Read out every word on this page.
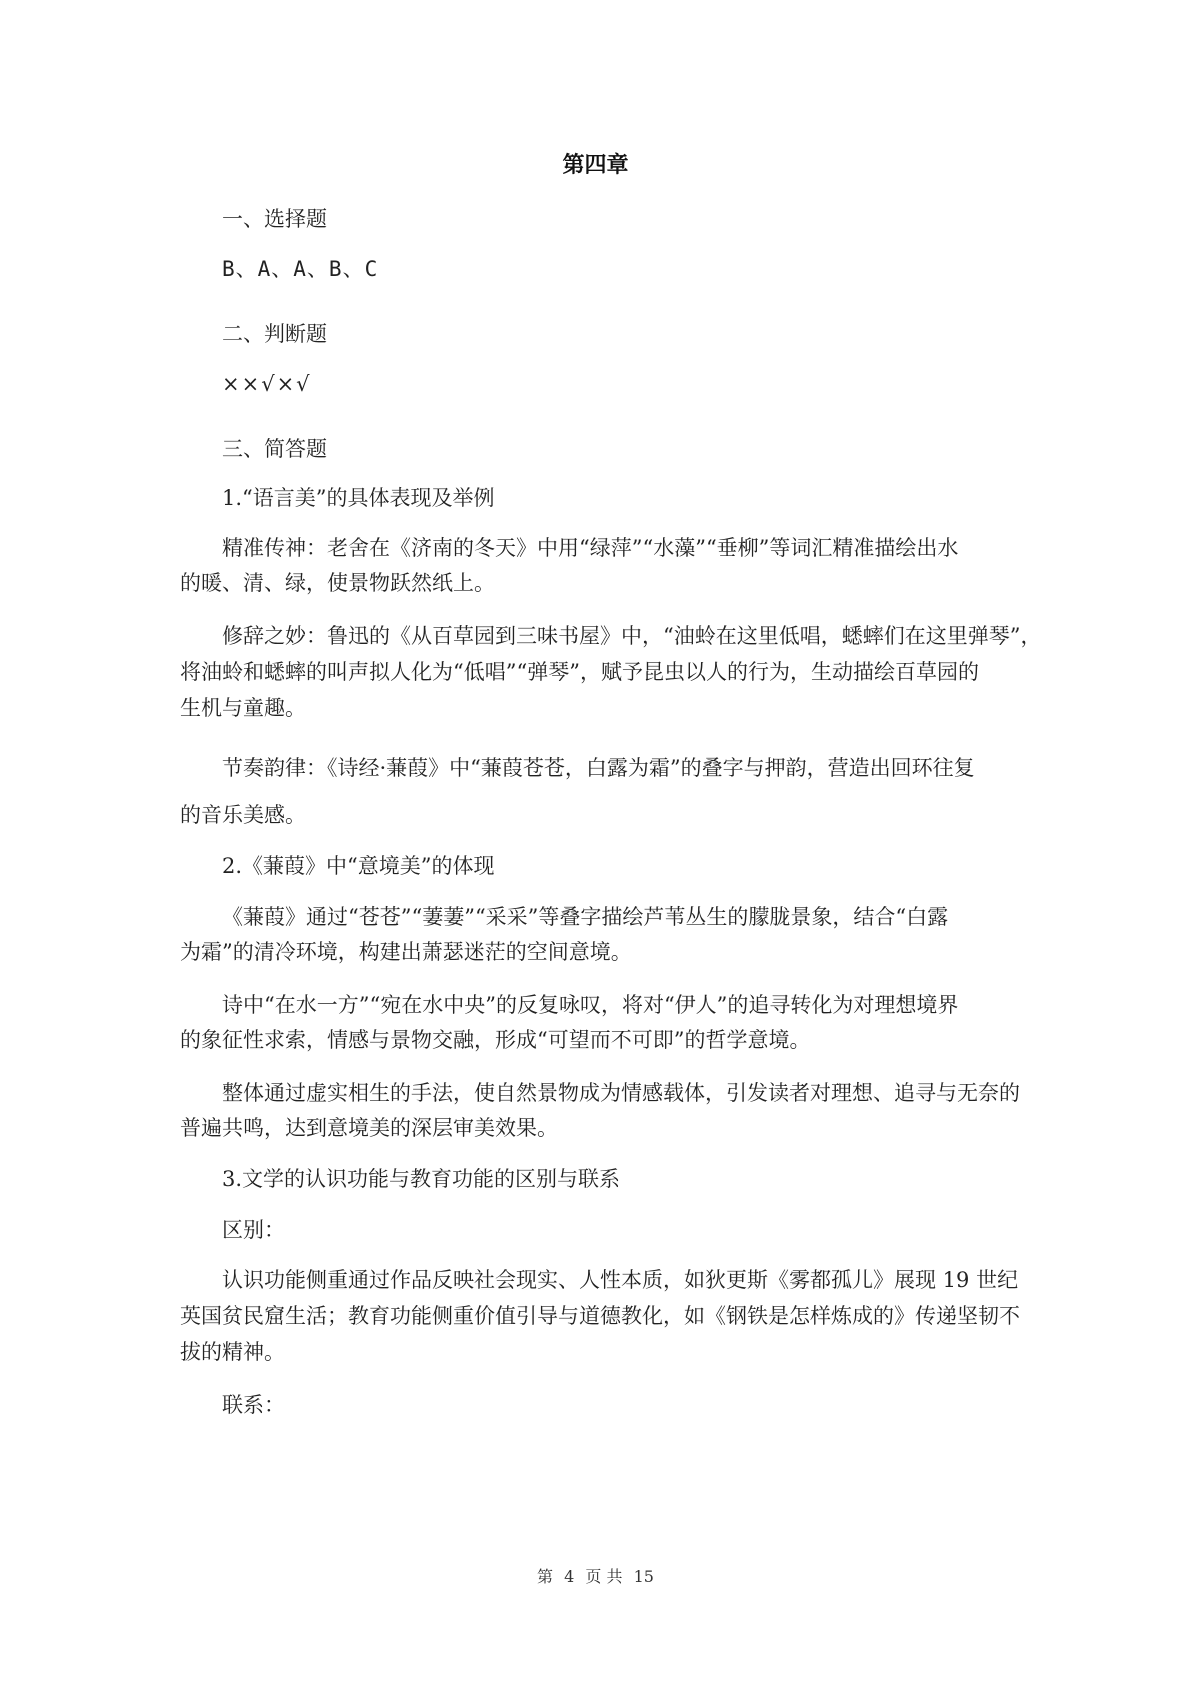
第四章
一、选择题
B、A、A、B、C
二、判断题
××√×√
三、简答题
1.“语言美”的具体表现及举例
精准传神：老舍在《济南的冬天》中用“绿萍”“水藻”“垂柳”等词汇精准描绘出水
的暖、清、绿，使景物跃然纸上。
修辞之妙：鲁迅的《从百草园到三味书屋》中，“油蛉在这里低唱，蟋蟀们在这里弹琴”，
将油蛉和蟋蟀的叫声拟人化为“低唱”“弹琴”，赋予昆虫以人的行为，生动描绘百草园的
生机与童趣。
节奏韵律：《诗经·蒹葭》中“蒹葭苍苍，白露为霜”的叠字与押韵，营造出回环往复
的音乐美感。
2.《蒹葭》中“意境美”的体现
《蒹葭》通过“苍苍”“萋萋”“采采”等叠字描绘芦苇丛生的朦胧景象，结合“白露
为霜”的清冷环境，构建出萧瑟迷茫的空间意境。
诗中“在水一方”“宛在水中央”的反复咏叹，将对“伊人”的追寻转化为对理想境界
的象征性求索，情感与景物交融，形成“可望而不可即”的哲学意境。
整体通过虚实相生的手法，使自然景物成为情感载体，引发读者对理想、追寻与无奈的
普遍共鸣，达到意境美的深层审美效果。
3.文学的认识功能与教育功能的区别与联系
区别：
认识功能侧重通过作品反映社会现实、人性本质，如狄更斯《雾都孤儿》展现 19 世纪
英国贫民窟生活；教育功能侧重价值引导与道德教化，如《钢铁是怎样炼成的》传递坚韧不
拔的精神。
联系：
第 4 页 共 15
